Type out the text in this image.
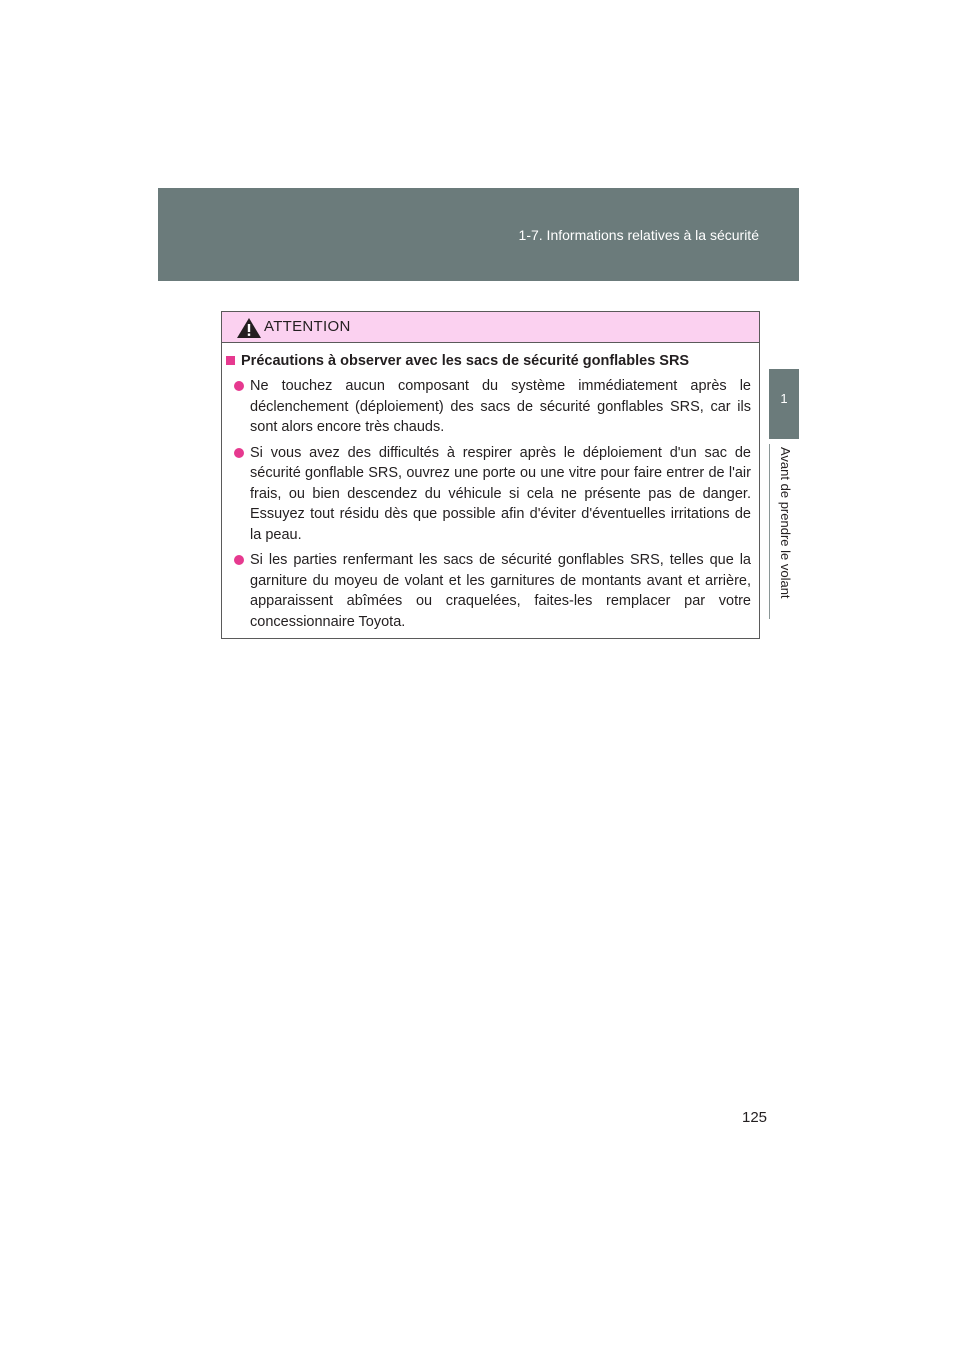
1-7. Informations relatives à la sécurité
1
Avant de prendre le volant
ATTENTION
Précautions à observer avec les sacs de sécurité gonflables SRS
Ne touchez aucun composant du système immédiatement après le déclenchement (déploiement) des sacs de sécurité gonflables SRS, car ils sont alors encore très chauds.
Si vous avez des difficultés à respirer après le déploiement d'un sac de sécurité gonflable SRS, ouvrez une porte ou une vitre pour faire entrer de l'air frais, ou bien descendez du véhicule si cela ne présente pas de danger. Essuyez tout résidu dès que possible afin d'éviter d'éventuelles irritations de la peau.
Si les parties renfermant les sacs de sécurité gonflables SRS, telles que la garniture du moyeu de volant et les garnitures de montants avant et arrière, apparaissent abîmées ou craquelées, faites-les remplacer par votre concessionnaire Toyota.
125
